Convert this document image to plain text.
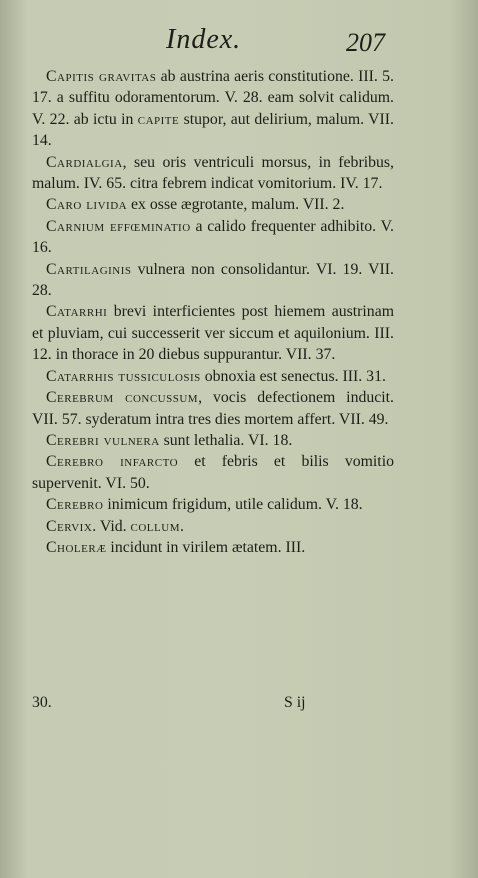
Index.	207

Capitis gravitas ab austrina aeris constitutione. III. 5. 17. a suffitu odoramentorum. V. 28. eam solvit calidum. V. 22. ab ictu in capite stupor, aut delirium, malum. VII. 14.

Cardialgia, seu oris ventriculi morsus, in febribus, malum. IV. 65. citra febrem indicat vomitorium. IV. 17.

Caro livida ex osse ægrotante, malum. VII. 2.

Carnium effœminatio a calido frequenter adhibito. V. 16.

Cartilaginis vulnera non consolidantur. VI. 19. VII. 28.

Catarrhi brevi interficientes post hiemem austrinam et pluviam, cui successerit ver siccum et aquilonium. III. 12. in thorace in 20 diebus suppurantur. VII. 37.

Catarrhis tussiculosis obnoxia est senectus. III. 31.

Cerebrum concussum, vocis defectionem inducit. VII. 57. syderatum intra tres dies mortem affert. VII. 49.

Cerebri vulnera sunt lethalia. VI. 18.

Cerebro infarcto et febris et bilis vomitio supervenit. VI. 50.

Cerebro inimicum frigidum, utile calidum. V. 18.

Cervix. Vid. collum.

Choleræ incidunt in virilem ætatem. III.

30.	S ij
